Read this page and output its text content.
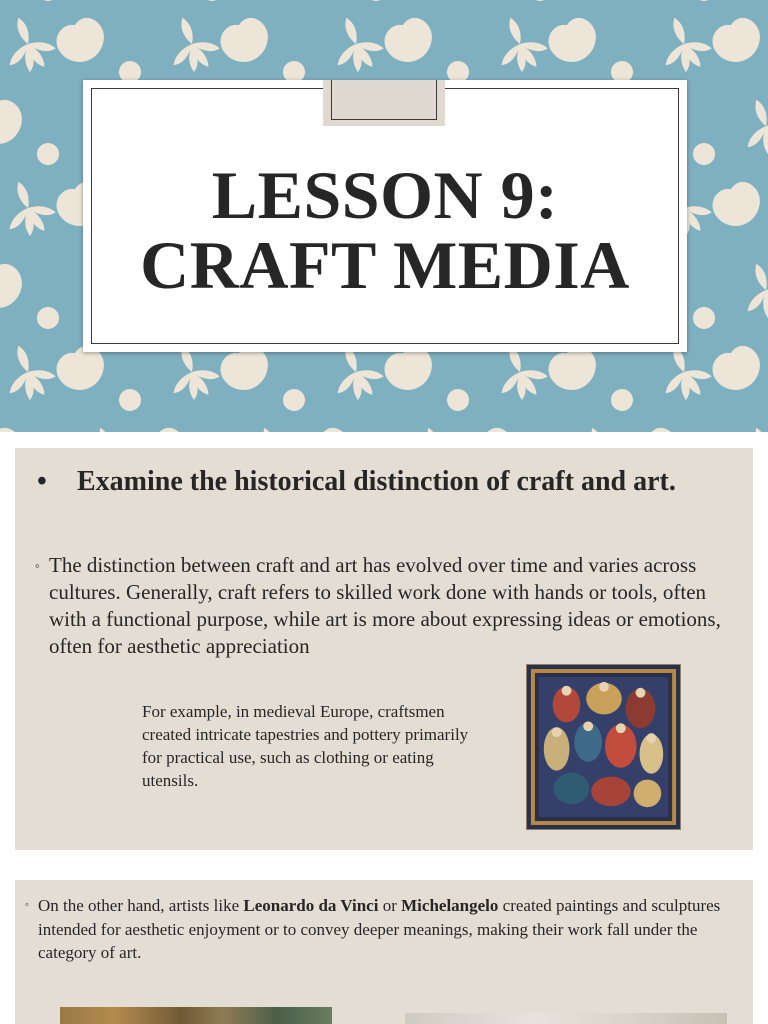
LESSON 9:
CRAFT MEDIA
•	Examine the historical distinction of craft and art.
◦ The distinction between craft and art has evolved over time and varies across cultures. Generally, craft refers to skilled work done with hands or tools, often with a functional purpose, while art is more about expressing ideas or emotions, often for aesthetic appreciation
For example, in medieval Europe, craftsmen created intricate tapestries and pottery primarily for practical use, such as clothing or eating utensils.
◦ On the other hand, artists like Leonardo da Vinci or Michelangelo created paintings and sculptures intended for aesthetic enjoyment or to convey deeper meanings, making their work fall under the category of art.
